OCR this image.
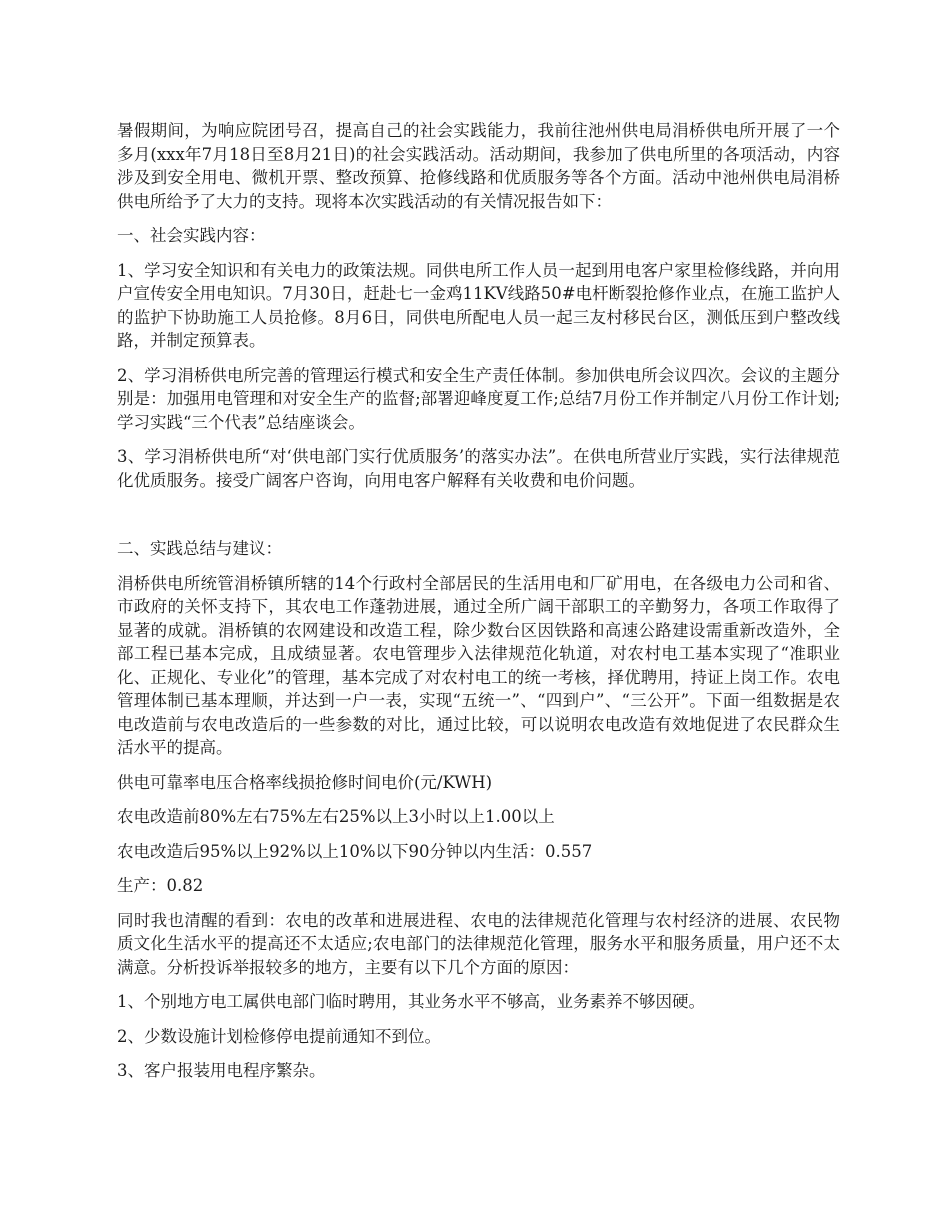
暑假期间，为响应院团号召，提高自己的社会实践能力，我前往池州供电局涓桥供电所开展了一个多月(xxx年7月18日至8月21日)的社会实践活动。活动期间，我参加了供电所里的各项活动，内容涉及到安全用电、微机开票、整改预算、抢修线路和优质服务等各个方面。活动中池州供电局涓桥供电所给予了大力的支持。现将本次实践活动的有关情况报告如下：

一、社会实践内容：

1、学习安全知识和有关电力的政策法规。同供电所工作人员一起到用电客户家里检修线路，并向用户宣传安全用电知识。7月30日，赶赴七一金鸡11KV线路50#电杆断裂抢修作业点，在施工监护人的监护下协助施工人员抢修。8月6日，同供电所配电人员一起三友村移民台区，测低压到户整改线路，并制定预算表。

2、学习涓桥供电所完善的管理运行模式和安全生产责任体制。参加供电所会议四次。会议的主题分别是：加强用电管理和对安全生产的监督;部署迎峰度夏工作;总结7月份工作并制定八月份工作计划;学习实践“三个代表”总结座谈会。

3、学习涓桥供电所“对‘供电部门实行优质服务’的落实办法”。在供电所营业厅实践，实行法律规范化优质服务。接受广阔客户咨询，向用电客户解释有关收费和电价问题。

二、实践总结与建议：

涓桥供电所统管涓桥镇所辖的14个行政村全部居民的生活用电和厂矿用电，在各级电力公司和省、市政府的关怀支持下，其农电工作蓬勃进展，通过全所广阔干部职工的辛勤努力，各项工作取得了显著的成就。涓桥镇的农网建设和改造工程，除少数台区因铁路和高速公路建设需重新改造外，全部工程已基本完成，且成绩显著。农电管理步入法律规范化轨道，对农村电工基本实现了“准职业化、正规化、专业化”的管理，基本完成了对农村电工的统一考核，择优聘用，持证上岗工作。农电管理体制已基本理顺，并达到一户一表，实现“五统一”、“四到户”、“三公开”。下面一组数据是农电改造前与农电改造后的一些参数的对比，通过比较，可以说明农电改造有效地促进了农民群众生活水平的提高。

供电可靠率电压合格率线损抢修时间电价(元/KWH)

农电改造前80%左右75%左右25%以上3小时以上1.00以上

农电改造后95%以上92%以上10%以下90分钟以内生活：0.557

生产：0.82

同时我也清醒的看到：农电的改革和进展进程、农电的法律规范化管理与农村经济的进展、农民物质文化生活水平的提高还不太适应;农电部门的法律规范化管理，服务水平和服务质量，用户还不太满意。分析投诉举报较多的地方，主要有以下几个方面的原因：

1、个别地方电工属供电部门临时聘用，其业务水平不够高，业务素养不够因硬。

2、少数设施计划检修停电提前通知不到位。

3、客户报装用电程序繁杂。
